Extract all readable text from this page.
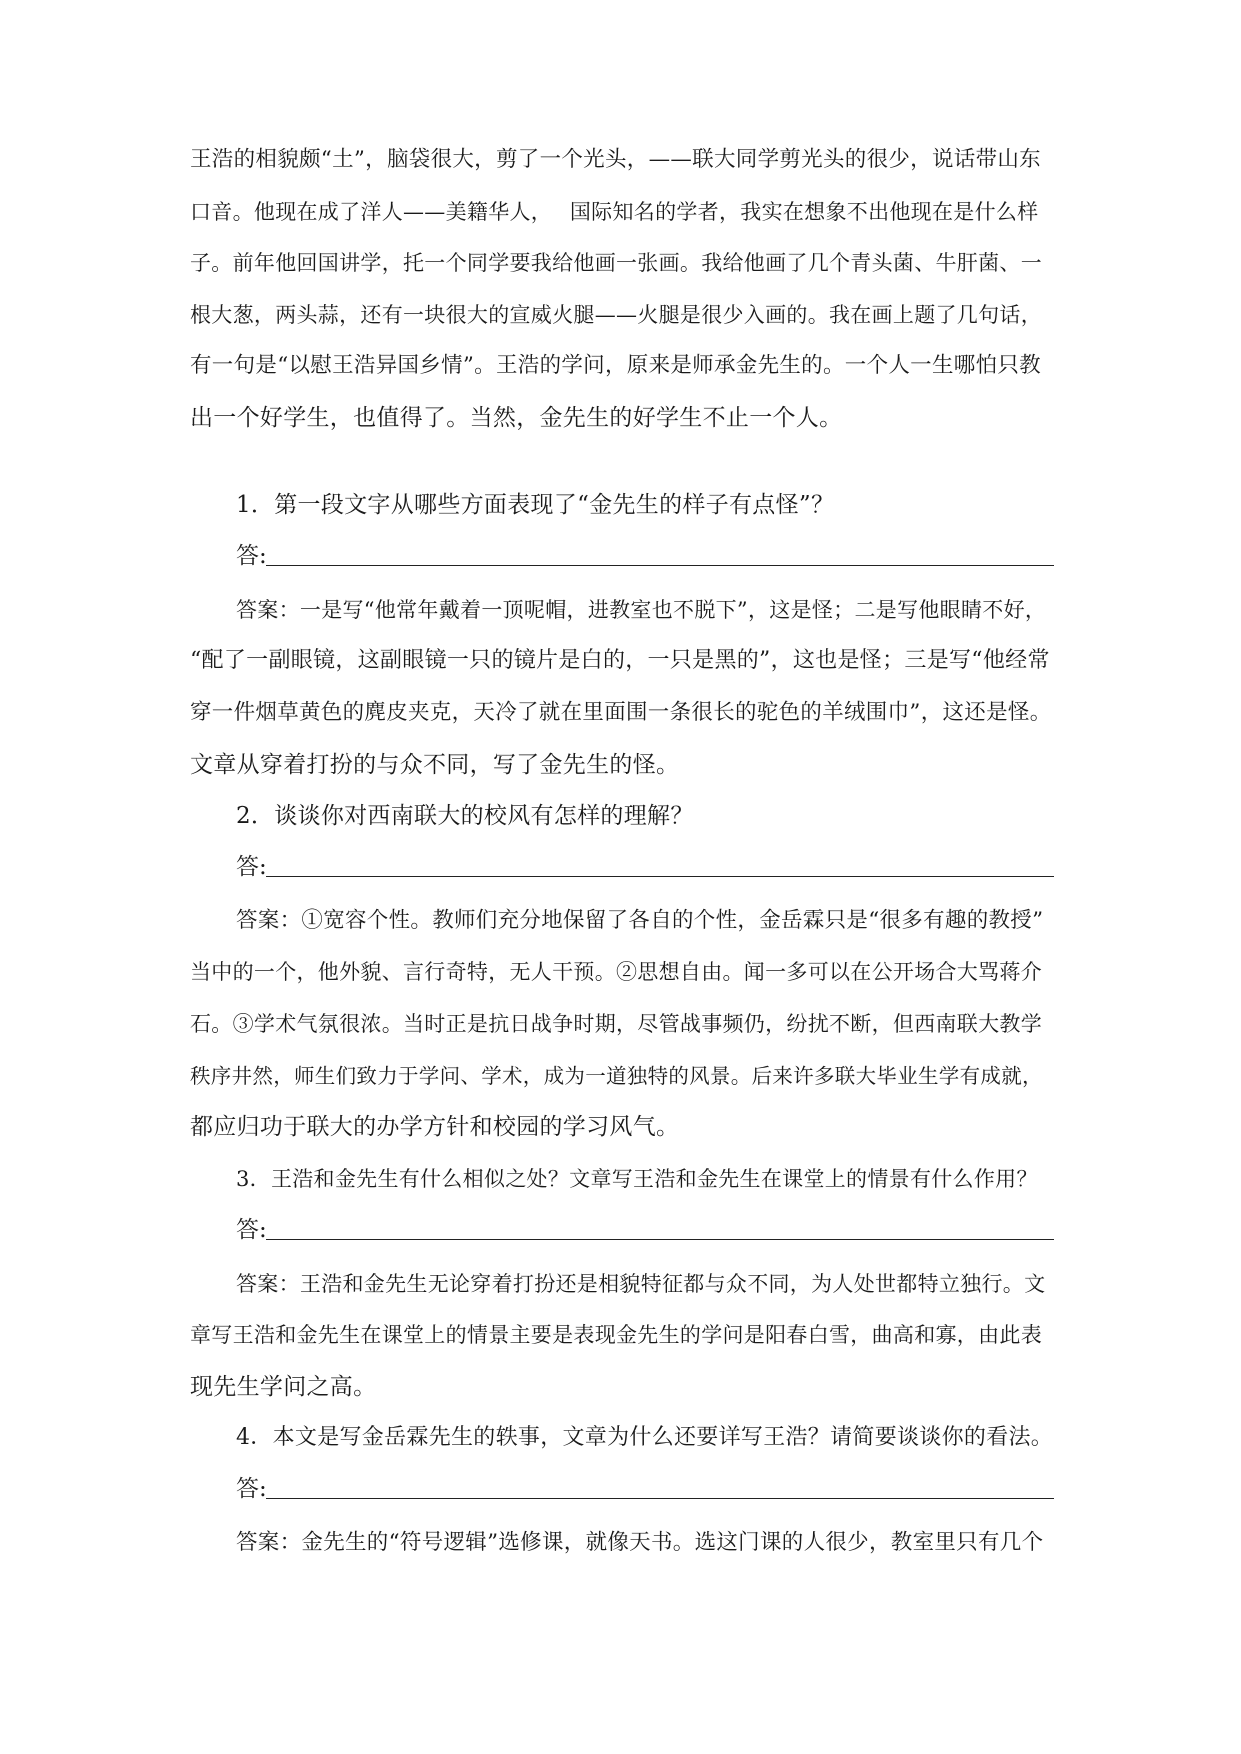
王浩的相貌颇“土”，脑袋很大，剪了一个光头，——联大同学剪光头的很少，说话带山东
口音。他现在成了洋人——美籍华人，　 国际知名的学者，我实在想象不出他现在是什么样
子。前年他回国讲学，托一个同学要我给他画一张画。我给他画了几个青头菌、牛肝菌、一
根大葱，两头蒜，还有一块很大的宣威火腿——火腿是很少入画的。我在画上题了几句话，
有一句是“以慰王浩异国乡情”。王浩的学问，原来是师承金先生的。一个人一生哪怕只教
出一个好学生，也值得了。当然，金先生的好学生不止一个人。
1．第一段文字从哪些方面表现了“金先生的样子有点怪”？
答:
答案：一是写“他常年戴着一顶呢帽，进教室也不脱下”，这是怪；二是写他眼睛不好，
“配了一副眼镜，这副眼镜一只的镜片是白的，一只是黑的”，这也是怪；三是写“他经常
穿一件烟草黄色的麂皮夹克，天冷了就在里面围一条很长的驼色的羊绒围巾”，这还是怪。
文章从穿着打扮的与众不同，写了金先生的怪。
2．谈谈你对西南联大的校风有怎样的理解？
答:
答案：①宽容个性。教师们充分地保留了各自的个性，金岳霖只是“很多有趣的教授”
当中的一个，他外貌、言行奇特，无人干预。②思想自由。闻一多可以在公开场合大骂蒋介
石。③学术气氛很浓。当时正是抗日战争时期，尽管战事频仍，纷扰不断，但西南联大教学
秩序井然，师生们致力于学问、学术，成为一道独特的风景。后来许多联大毕业生学有成就，
都应归功于联大的办学方针和校园的学习风气。
3．王浩和金先生有什么相似之处？文章写王浩和金先生在课堂上的情景有什么作用？
答:
答案：王浩和金先生无论穿着打扮还是相貌特征都与众不同，为人处世都特立独行。文
章写王浩和金先生在课堂上的情景主要是表现金先生的学问是阳春白雪，曲高和寡，由此表
现先生学问之高。
4．本文是写金岳霖先生的轶事，文章为什么还要详写王浩？请简要谈谈你的看法。
答:
答案：金先生的“符号逻辑”选修课，就像天书。选这门课的人很少，教室里只有几个
